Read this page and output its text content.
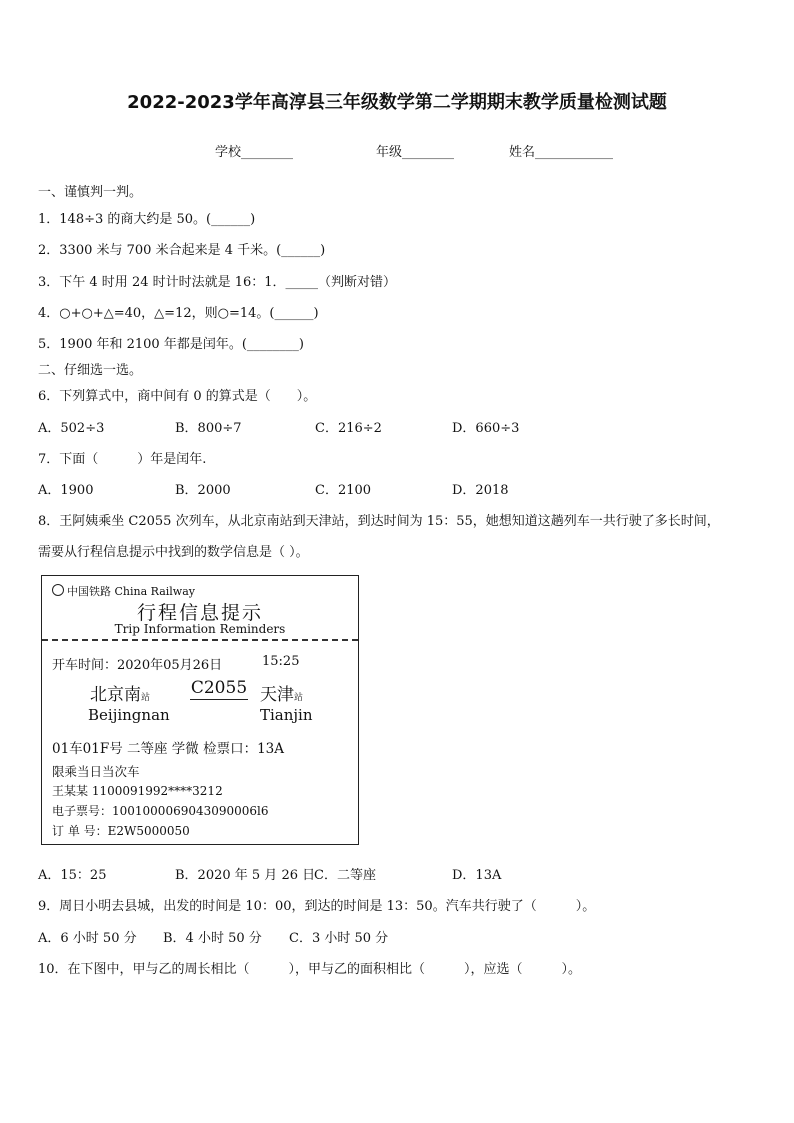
2022-2023学年高淳县三年级数学第二学期期末教学质量检测试题
学校________	年级________	姓名____________
一、谨慎判一判。
1．148÷3 的商大约是 50。(______)
2．3300 米与 700 米合起来是 4 千米。(______)
3．下午 4 时用 24 时计时法就是 16：1．_____（判断对错）
4．○+○+△=40，△=12，则○=14。(______)
5．1900 年和 2100 年都是闰年。(________)
二、仔细选一选。
6．下列算式中，商中间有 0 的算式是（　　）。
A．502÷3	B．800÷7	C．216÷2	D．660÷3
7．下面（　　　）年是闰年.
A．1900	B．2000	C．2100	D．2018
8．王阿姨乘坐 C2055 次列车，从北京南站到天津站，到达时间为 15：55，她想知道这趟列车一共行驶了多长时间，
需要从行程信息提示中找到的数学信息是（ ）。
中国铁路 China Railway
行程信息提示
Trip Information Reminders
开车时间：2020年05月26日	15:25
北京南站 C2055 天津站
Beijingnan	Tianjin
01车01F号 二等座 学微 检票口：13A
限乘当日当次车
王某某 1100091992****3212
电子票号：1001000069043090006l6
订 单 号：E2W5000050
A．15：25	B．2020 年 5 月 26 日
C．二等座	D．13A
9．周日小明去县城，出发的时间是 10：00，到达的时间是 13：50。汽车共行驶了（　　　）。
A．6 小时 50 分 B．4 小时 50 分 C．3 小时 50 分
10．在下图中，甲与乙的周长相比（　　　），甲与乙的面积相比（　　　），应选（　　　）。
